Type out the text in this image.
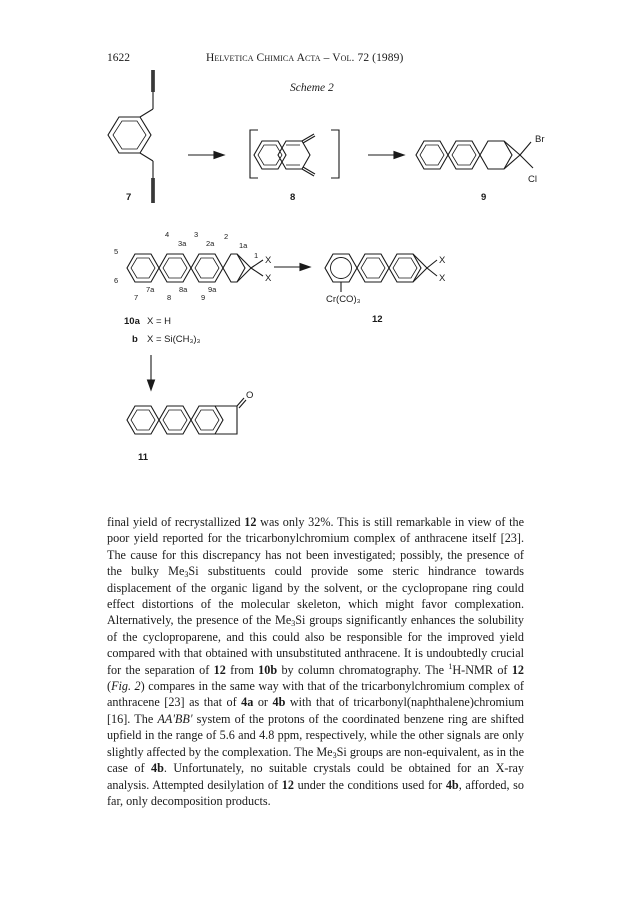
1622	Helvetica Chimica Acta – Vol. 72 (1989)
Scheme 2
7	8	9
12
11
Br
Cl
X
X
X
X
Cr(CO)₃
O
4	3	2
1a
3a	2a
1
5
6
7a	8a	9a
7	8	9
10a X = H
b X = Si(CH₃)₃
final yield of recrystallized 12 was only 32%. This is still remarkable in view of the poor yield reported for the tricarbonylchromium complex of anthracene itself [23]. The cause for this discrepancy has not been investigated; possibly, the presence of the bulky $Me_3Si$ substituents could provide some steric hindrance towards displacement of the organic ligand by the solvent, or the cyclopropane ring could effect distortions of the molecular skeleton, which might favor complexation. Alternatively, the presence of the $Me_3Si$ groups significantly enhances the solubility of the cycloproparene, and this could also be responsible for the improved yield compared with that obtained with unsubstituted anthracene. It is undoubtedly crucial for the separation of 12 from 10b by column chromatography. The $^1$H-NMR of 12 (Fig. 2) compares in the same way with that of the tricarbonylchromium complex of anthracene [23] as that of 4a or 4b with that of tricarbonyl(naphthalene)chromium [16]. The AA'BB' system of the protons of the coordinated benzene ring are shifted upfield in the range of 5.6 and 4.8 ppm, respectively, while the other signals are only slightly affected by the complexation. The $Me_3Si$ groups are non-equivalent, as in the case of 4b. Unfortunately, no suitable crystals could be obtained for an X-ray analysis. Attempted desilylation of 12 under the conditions used for 4b, afforded, so far, only decomposition products.
